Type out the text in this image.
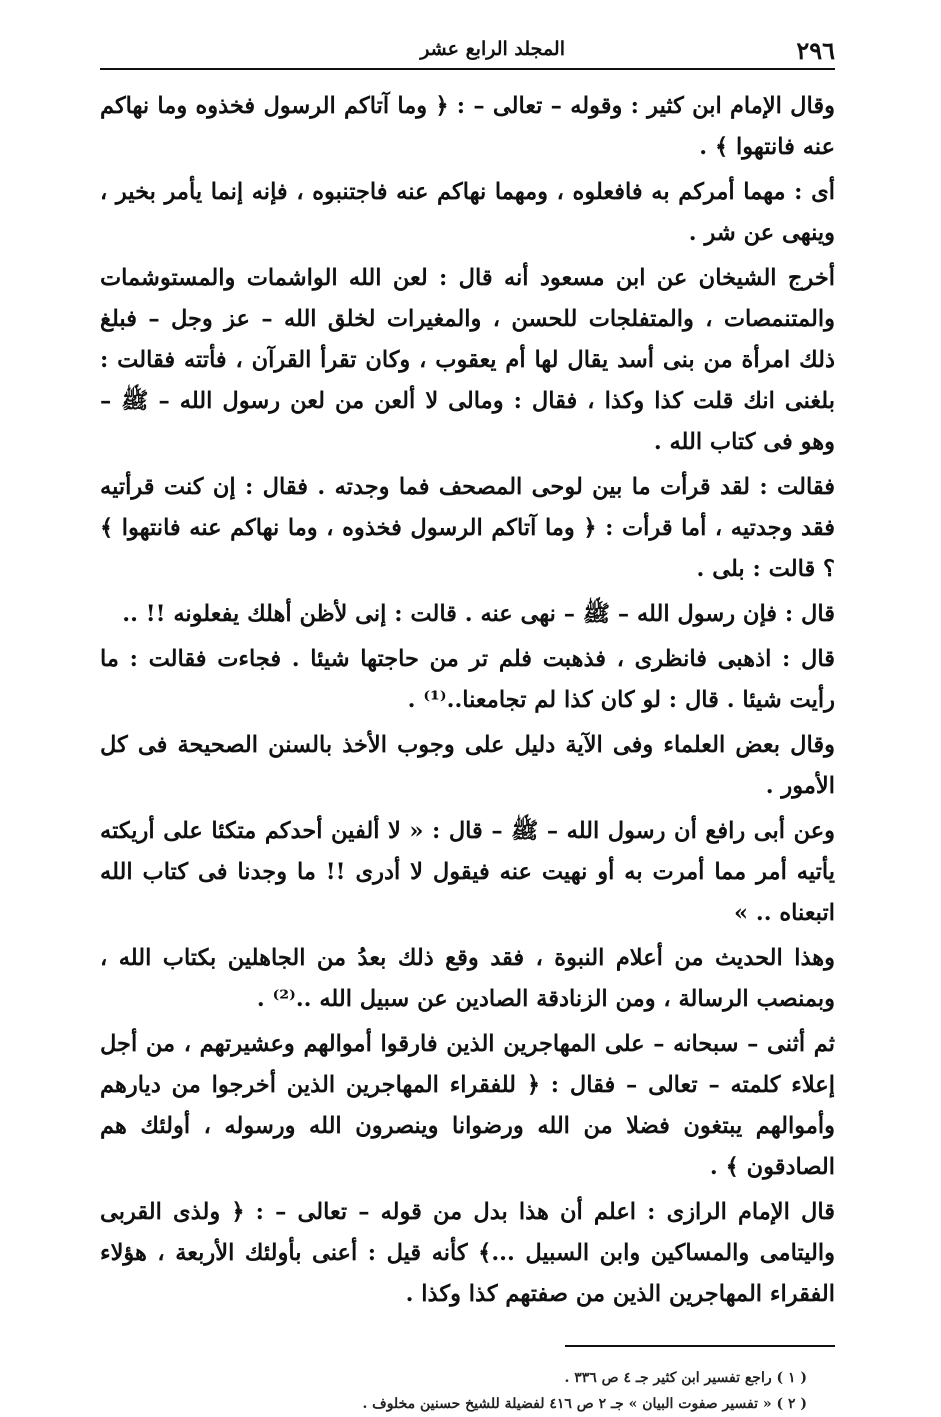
٢٩٦
المجلد الرابع عشر

وقال الإمام ابن كثير : وقوله – تعالى – : ﴿ وما آتاكم الرسول فخذوه وما نهاكم عنه فانتهوا ﴾ .

أى : مهما أمركم به فافعلوه ، ومهما نهاكم عنه فاجتنبوه ، فإنه إنما يأمر بخير ، وينهى عن شر .

أخرج الشيخان عن ابن مسعود أنه قال : لعن الله الواشمات والمستوشمات والمتنمصات ، والمتفلجات للحسن ، والمغيرات لخلق الله – عز وجل – فبلغ ذلك امرأة من بنى أسد يقال لها أم يعقوب ، وكان تقرأ القرآن ، فأتته فقالت : بلغنى انك قلت كذا وكذا ، فقال : ومالى لا ألعن من لعن رسول الله – ﷺ – وهو فى كتاب الله .

فقالت : لقد قرأت ما بين لوحى المصحف فما وجدته . فقال : إن كنت قرأتيه فقد وجدتيه ، أما قرأت : ﴿ وما آتاكم الرسول فخذوه ، وما نهاكم عنه فانتهوا ﴾ ؟ قالت : بلى .

قال : فإن رسول الله – ﷺ – نهى عنه . قالت : إنى لأظن أهلك يفعلونه !! ..

قال : اذهبى فانظرى ، فذهبت فلم تر من حاجتها شيئا . فجاءت فقالت : ما رأيت شيئا . قال : لو كان كذا لم تجامعنا..⁽¹⁾ .

وقال بعض العلماء وفى الآية دليل على وجوب الأخذ بالسنن الصحيحة فى كل الأمور .

وعن أبى رافع أن رسول الله – ﷺ – قال : « لا ألفين أحدكم متكئا على أريكته يأتيه أمر مما أمرت به أو نهيت عنه فيقول لا أدرى !! ما وجدنا فى كتاب الله اتبعناه .. »

وهذا الحديث من أعلام النبوة ، فقد وقع ذلك بعدُ من الجاهلين بكتاب الله ، وبمنصب الرسالة ، ومن الزنادقة الصادين عن سبيل الله ..⁽²⁾ .

ثم أثنى – سبحانه – على المهاجرين الذين فارقوا أموالهم وعشيرتهم ، من أجل إعلاء كلمته – تعالى – فقال : ﴿ للفقراء المهاجرين الذين أخرجوا من ديارهم وأموالهم يبتغون فضلا من الله ورضوانا وينصرون الله ورسوله ، أولئك هم الصادقون ﴾ .

قال الإمام الرازى : اعلم أن هذا بدل من قوله – تعالى – : ﴿ ولذى القربى واليتامى والمساكين وابن السبيل ...﴾ كأنه قيل : أعنى بأولئك الأربعة ، هؤلاء الفقراء المهاجرين الذين من صفتهم كذا وكذا .

( ١ ) راجع تفسير ابن كثير جـ ٤ ص ٣٣٦ .

( ٢ ) « تفسير صفوت البيان » جـ ٢ ص ٤١٦ لفضيلة للشيخ حسنين مخلوف .
